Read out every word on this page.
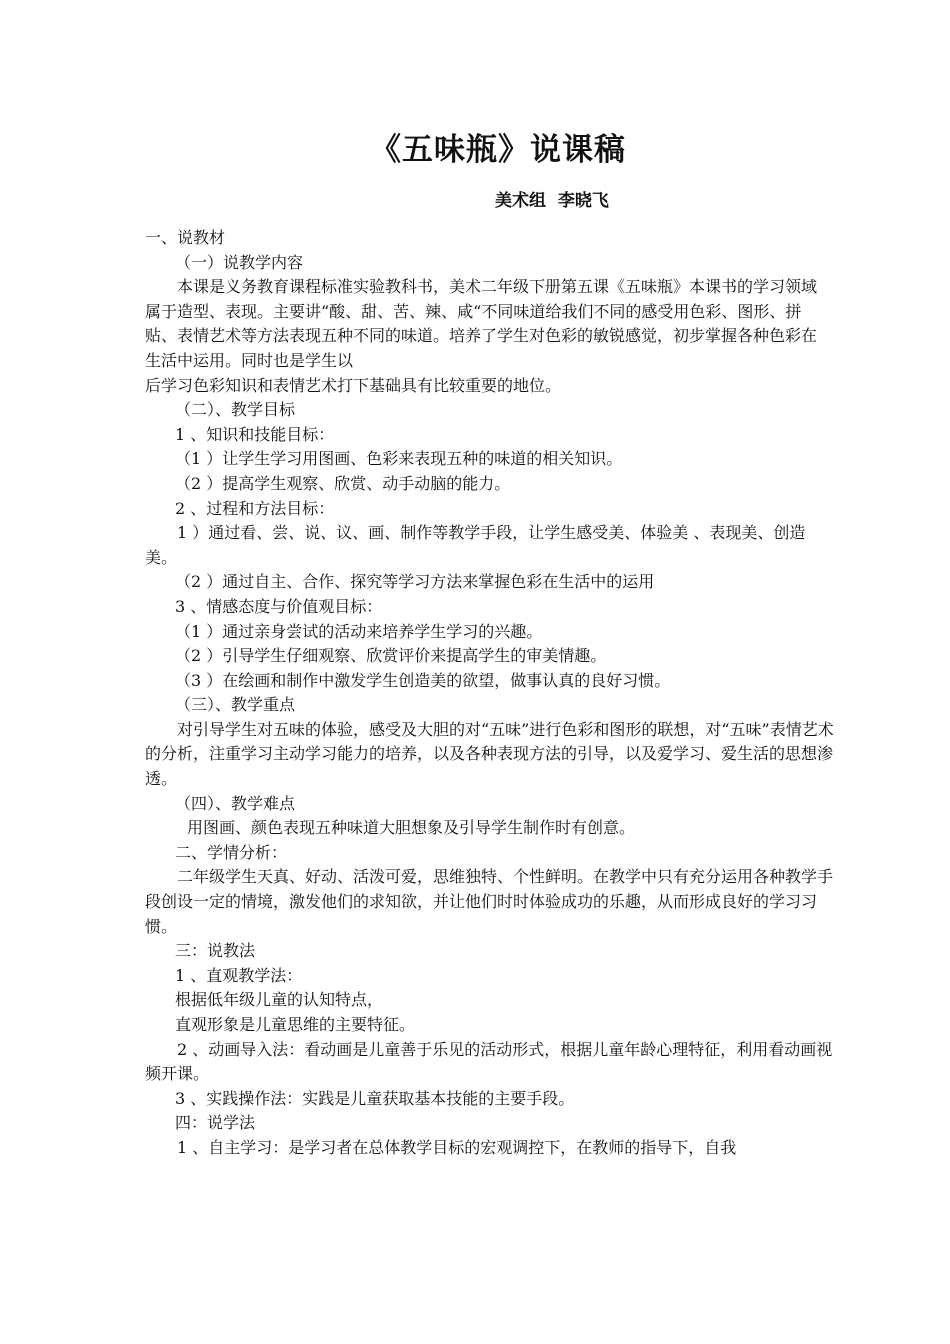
《五味瓶》说课稿
美术组  李晓飞

一、说教材

（一）说教学内容

本课是义务教育课程标准实验教科书，美术二年级下册第五课《五味瓶》本课书的学习领域属于造型、表现。主要讲“酸、甜、苦、辣、咸“不同味道给我们不同的感受用色彩、图形、拼贴、表情艺术等方法表现五种不同的味道。培养了学生对色彩的敏锐感觉，初步掌握各种色彩在生活中运用。同时也是学生以

后学习色彩知识和表情艺术打下基础具有比较重要的地位。

（二）、教学目标

1 、知识和技能目标：

（1 ）让学生学习用图画、色彩来表现五种的味道的相关知识。

（2 ）提高学生观察、欣赏、动手动脑的能力。

2 、过程和方法目标：

1 ）通过看、尝、说、议、画、制作等教学手段，让学生感受美、体验美 、表现美、创造美。

（2 ）通过自主、合作、探究等学习方法来掌握色彩在生活中的运用

3 、情感态度与价值观目标：

（1 ）通过亲身尝试的活动来培养学生学习的兴趣。

（2 ）引导学生仔细观察、欣赏评价来提高学生的审美情趣。

（3 ）在绘画和制作中激发学生创造美的欲望，做事认真的良好习惯。

（三）、教学重点

对引导学生对五味的体验，感受及大胆的对“五味”进行色彩和图形的联想，对“五味”表情艺术的分析，注重学习主动学习能力的培养，以及各种表现方法的引导，以及爱学习、爱生活的思想渗透。

（四）、教学难点

用图画、颜色表现五种味道大胆想象及引导学生制作时有创意。

二、学情分析：

二年级学生天真、好动、活泼可爱，思维独特、个性鲜明。在教学中只有充分运用各种教学手段创设一定的情境，激发他们的求知欲，并让他们时时体验成功的乐趣，从而形成良好的学习习惯。

三：说教法

1 、直观教学法：

根据低年级儿童的认知特点，

直观形象是儿童思维的主要特征。

2 、动画导入法：看动画是儿童善于乐见的活动形式，根据儿童年龄心理特征，利用看动画视频开课。

3 、实践操作法：实践是儿童获取基本技能的主要手段。

四：说学法

1 、自主学习：是学习者在总体教学目标的宏观调控下，在教师的指导下，自我
